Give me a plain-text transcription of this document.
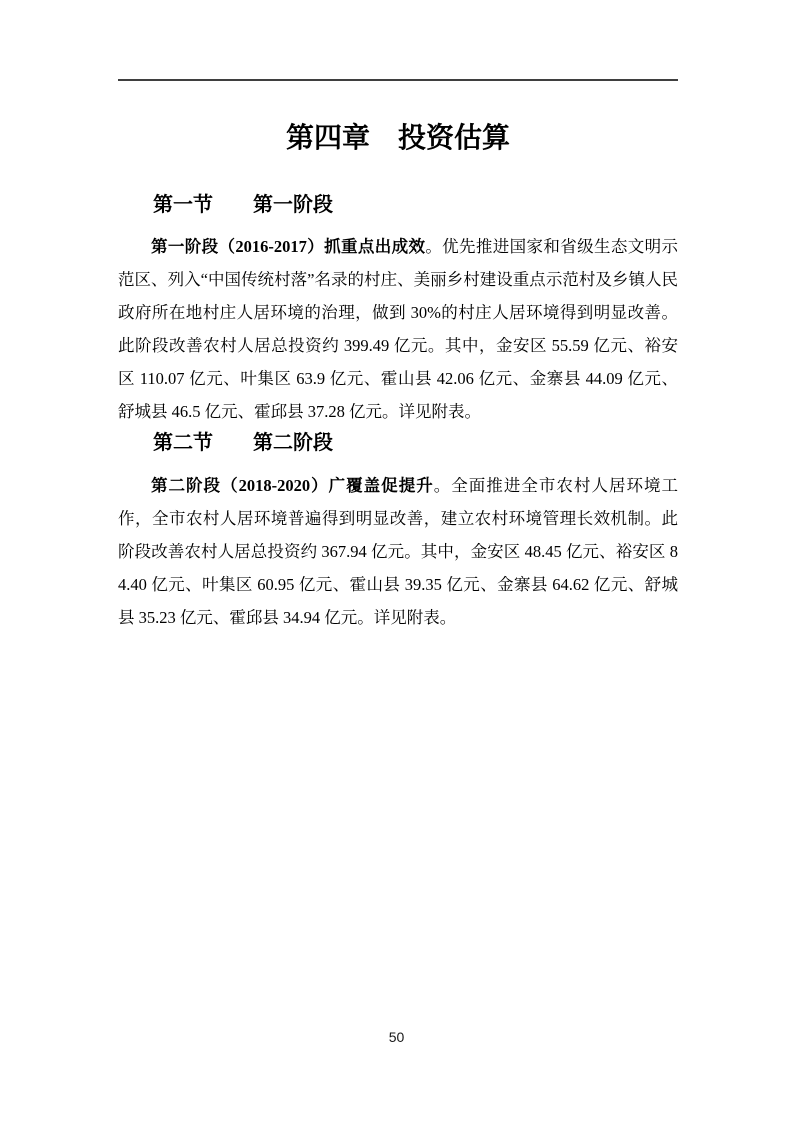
第四章　投资估算
第一节　　第一阶段

第一阶段（2016-2017）抓重点出成效。优先推进国家和省级生态文明示范区、列入“中国传统村落”名录的村庄、美丽乡村建设重点示范村及乡镇人民政府所在地村庄人居环境的治理，做到 30%的村庄人居环境得到明显改善。此阶段改善农村人居总投资约 399.49 亿元。其中，金安区 55.59 亿元、裕安区 110.07 亿元、叶集区 63.9 亿元、霍山县 42.06 亿元、金寨县 44.09 亿元、舒城县 46.5 亿元、霍邱县 37.28 亿元。详见附表。

第二节　　第二阶段

第二阶段（2018-2020）广覆盖促提升。全面推进全市农村人居环境工作，全市农村人居环境普遍得到明显改善，建立农村环境管理长效机制。此阶段改善农村人居总投资约 367.94 亿元。其中，金安区 48.45 亿元、裕安区 84.40 亿元、叶集区 60.95 亿元、霍山县 39.35 亿元、金寨县 64.62 亿元、舒城县 35.23 亿元、霍邱县 34.94 亿元。详见附表。

50
